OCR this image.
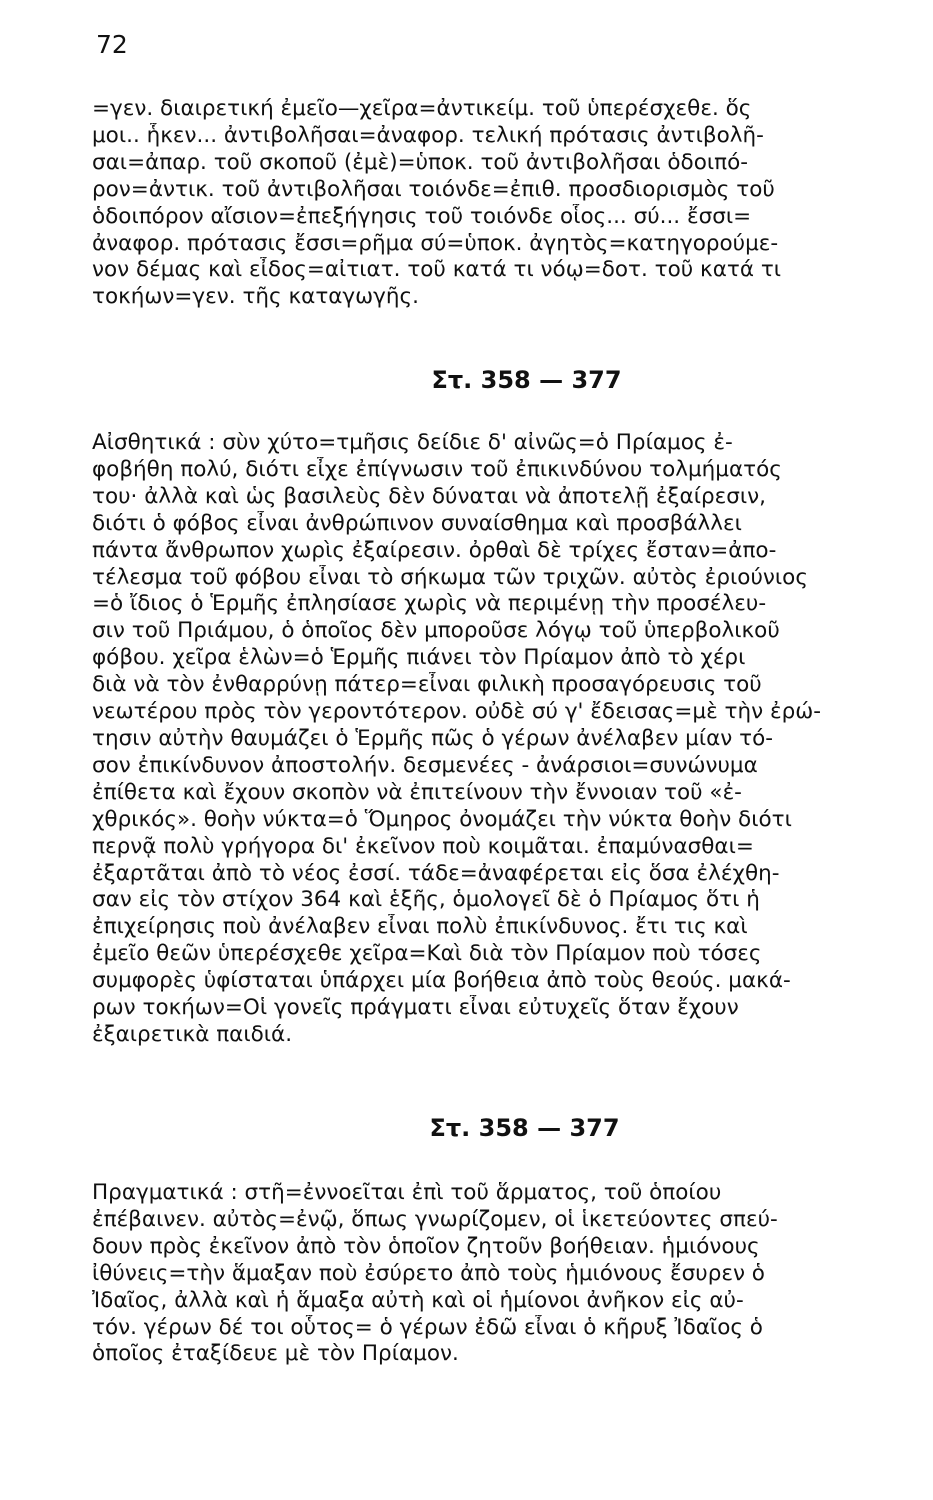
72
=γεν. διαιρετική ἐμεῖο—χεῖρα=ἀντικείμ. τοῦ ὑπερέσχεθε. ὅς
μοι.. ἧκεν... ἀντιβολῆσαι=ἀναφορ. τελική πρότασις ἀντιβολῆ-
σαι=ἀπαρ. τοῦ σκοποῦ (ἐμὲ)=ὑποκ. τοῦ ἀντιβολῆσαι ὁδοιπό-
ρον=ἀντικ. τοῦ ἀντιβολῆσαι τοιόνδε=ἐπιθ. προσδιορισμὸς τοῦ
ὁδοιπόρον αἴσιον=ἐπεξήγησις τοῦ τοιόνδε οἷος... σύ... ἔσσι=
ἀναφορ. πρότασις ἔσσι=ρῆμα σύ=ὑποκ. ἀγητὸς=κατηγορούμε-
νον δέμας καὶ εἶδος=αἰτιατ. τοῦ κατά τι νόῳ=δοτ. τοῦ κατά τι
τοκήων=γεν. τῆς καταγωγῆς.
Στ. 358 — 377
Αἰσθητικά : σὺν χύτο=τμῆσις δείδιε δ' αἰνῶς=ὁ Πρίαμος ἐ-
φοβήθη πολύ, διότι εἶχε ἐπίγνωσιν τοῦ ἐπικινδύνου τολμήματός
του· ἀλλὰ καὶ ὡς βασιλεὺς δὲν δύναται νὰ ἀποτελῇ ἐξαίρεσιν,
διότι ὁ φόβος εἶναι ἀνθρώπινον συναίσθημα καὶ προσβάλλει
πάντα ἄνθρωπον χωρὶς ἐξαίρεσιν. ὀρθαὶ δὲ τρίχες ἔσταν=ἀπο-
τέλεσμα τοῦ φόβου εἶναι τὸ σήκωμα τῶν τριχῶν. αὐτὸς ἐριούνιος
=ὁ ἴδιος ὁ Ἑρμῆς ἐπλησίασε χωρὶς νὰ περιμένῃ τὴν προσέλευ-
σιν τοῦ Πριάμου, ὁ ὁποῖος δὲν μποροῦσε λόγῳ τοῦ ὑπερβολικοῦ
φόβου. χεῖρα ἑλὼν=ὁ Ἑρμῆς πιάνει τὸν Πρίαμον ἀπὸ τὸ χέρι
διὰ νὰ τὸν ἐνθαρρύνῃ πάτερ=εἶναι φιλικὴ προσαγόρευσις τοῦ
νεωτέρου πρὸς τὸν γεροντότερον. οὐδὲ σύ γ' ἔδεισας=μὲ τὴν ἐρώ-
τησιν αὐτὴν θαυμάζει ὁ Ἑρμῆς πῶς ὁ γέρων ἀνέλαβεν μίαν τό-
σον ἐπικίνδυνον ἀποστολήν. δεσμενέες - ἀνάρσιοι=συνώνυμα
ἐπίθετα καὶ ἔχουν σκοπὸν νὰ ἐπιτείνουν τὴν ἔννοιαν τοῦ «ἐ-
χθρικός». θοὴν νύκτα=ὁ Ὅμηρος ὀνομάζει τὴν νύκτα θοὴν διότι
περνᾷ πολὺ γρήγορα δι' ἐκεῖνον ποὺ κοιμᾶται. ἐπαμύνασθαι=
ἐξαρτᾶται ἀπὸ τὸ νέος ἐσσί. τάδε=ἀναφέρεται εἰς ὅσα ἐλέχθη-
σαν εἰς τὸν στίχον 364 καὶ ἑξῆς, ὁμολογεῖ δὲ ὁ Πρίαμος ὅτι ἡ
ἐπιχείρησις ποὺ ἀνέλαβεν εἶναι πολὺ ἐπικίνδυνος. ἔτι τις καὶ
ἐμεῖο θεῶν ὑπερέσχεθε χεῖρα=Καὶ διὰ τὸν Πρίαμον ποὺ τόσες
συμφορὲς ὑφίσταται ὑπάρχει μία βοήθεια ἀπὸ τοὺς θεούς. μακά-
ρων τοκήων=Οἱ γονεῖς πράγματι εἶναι εὐτυχεῖς ὅταν ἔχουν
ἐξαιρετικὰ παιδιά.
Στ. 358 — 377
Πραγματικά : στῆ=ἐννοεῖται ἐπὶ τοῦ ἅρματος, τοῦ ὁποίου
ἐπέβαινεν. αὐτὸς=ἐνῷ, ὅπως γνωρίζομεν, οἱ ἱκετεύοντες σπεύ-
δουν πρὸς ἐκεῖνον ἀπὸ τὸν ὁποῖον ζητοῦν βοήθειαν. ἡμιόνους
ἰθύνεις=τὴν ἅμαξαν ποὺ ἐσύρετο ἀπὸ τοὺς ἡμιόνους ἔσυρεν ὁ
Ἰδαῖος, ἀλλὰ καὶ ἡ ἅμαξα αὐτὴ καὶ οἱ ἡμίονοι ἀνῆκον εἰς αὐ-
τόν. γέρων δέ τοι οὗτος= ὁ γέρων ἐδῶ εἶναι ὁ κῆρυξ Ἰδαῖος ὁ
ὁποῖος ἐταξίδευε μὲ τὸν Πρίαμον.
